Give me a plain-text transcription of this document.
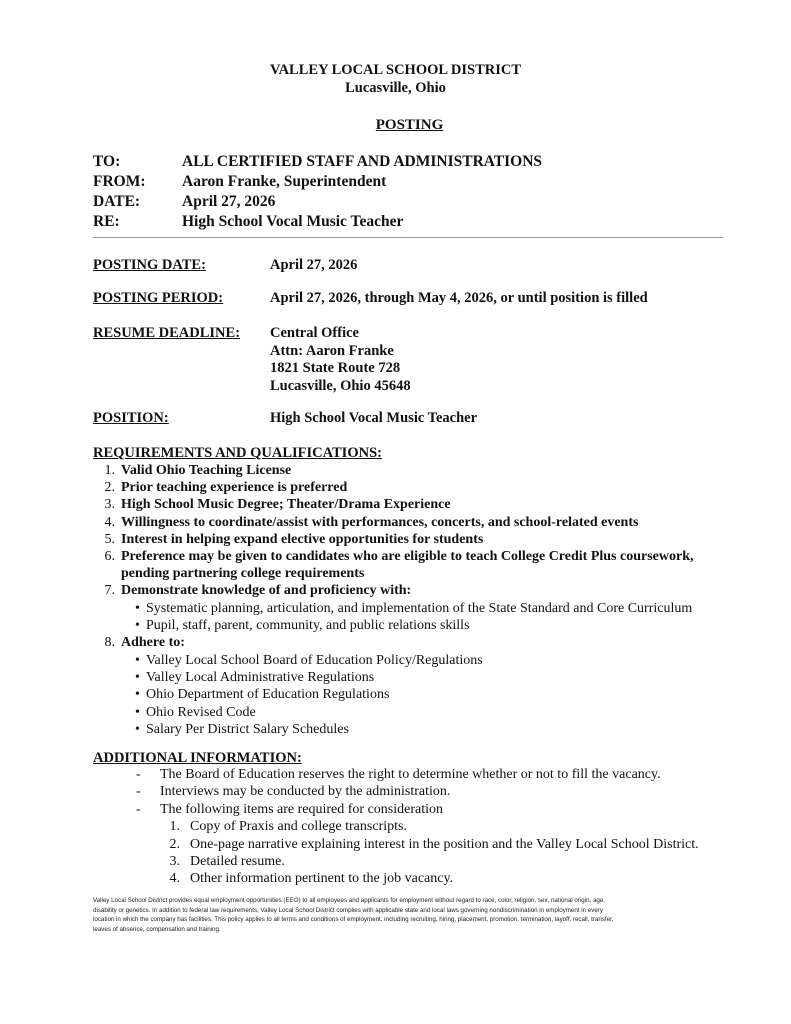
VALLEY LOCAL SCHOOL DISTRICT
Lucasville, Ohio
POSTING
TO:	ALL CERTIFIED STAFF AND ADMINISTRATIONS
FROM:	Aaron Franke, Superintendent
DATE:	April 27, 2026
RE:	High School Vocal Music Teacher
POSTING DATE:	April 27, 2026
POSTING PERIOD:	April 27, 2026, through May 4, 2026, or until position is filled
RESUME DEADLINE: Central Office
Attn: Aaron Franke
1821 State Route 728
Lucasville, Ohio 45648
POSITION:	High School Vocal Music Teacher
REQUIREMENTS AND QUALIFICATIONS:
1. Valid Ohio Teaching License
2. Prior teaching experience is preferred
3. High School Music Degree; Theater/Drama Experience
4. Willingness to coordinate/assist with performances, concerts, and school-related events
5. Interest in helping expand elective opportunities for students
6. Preference may be given to candidates who are eligible to teach College Credit Plus coursework,
pending partnering college requirements
7. Demonstrate knowledge of and proficiency with:
• Systematic planning, articulation, and implementation of the State Standard and Core Curriculum
• Pupil, staff, parent, community, and public relations skills
8. Adhere to:
• Valley Local School Board of Education Policy/Regulations
• Valley Local Administrative Regulations
• Ohio Department of Education Regulations
• Ohio Revised Code
• Salary Per District Salary Schedules
ADDITIONAL INFORMATION:
-	The Board of Education reserves the right to determine whether or not to fill the vacancy.
-	Interviews may be conducted by the administration.
-	The following items are required for consideration
1. Copy of Praxis and college transcripts.
2. One-page narrative explaining interest in the position and the Valley Local School District.
3. Detailed resume.
4. Other information pertinent to the job vacancy.
Valley Local School District provides equal employment opportunities (EEO) to all employees and applicants for employment without regard to race, color, religion, sex, national origin, age,
disability or genetics. In addition to federal law requirements, Valley Local School District complies with applicable state and local laws governing nondiscrimination in employment in every
location in which the company has facilities. This policy applies to all terms and conditions of employment, including recruiting, hiring, placement, promotion, termination, layoff, recall, transfer,
leaves of absence, compensation and training.
